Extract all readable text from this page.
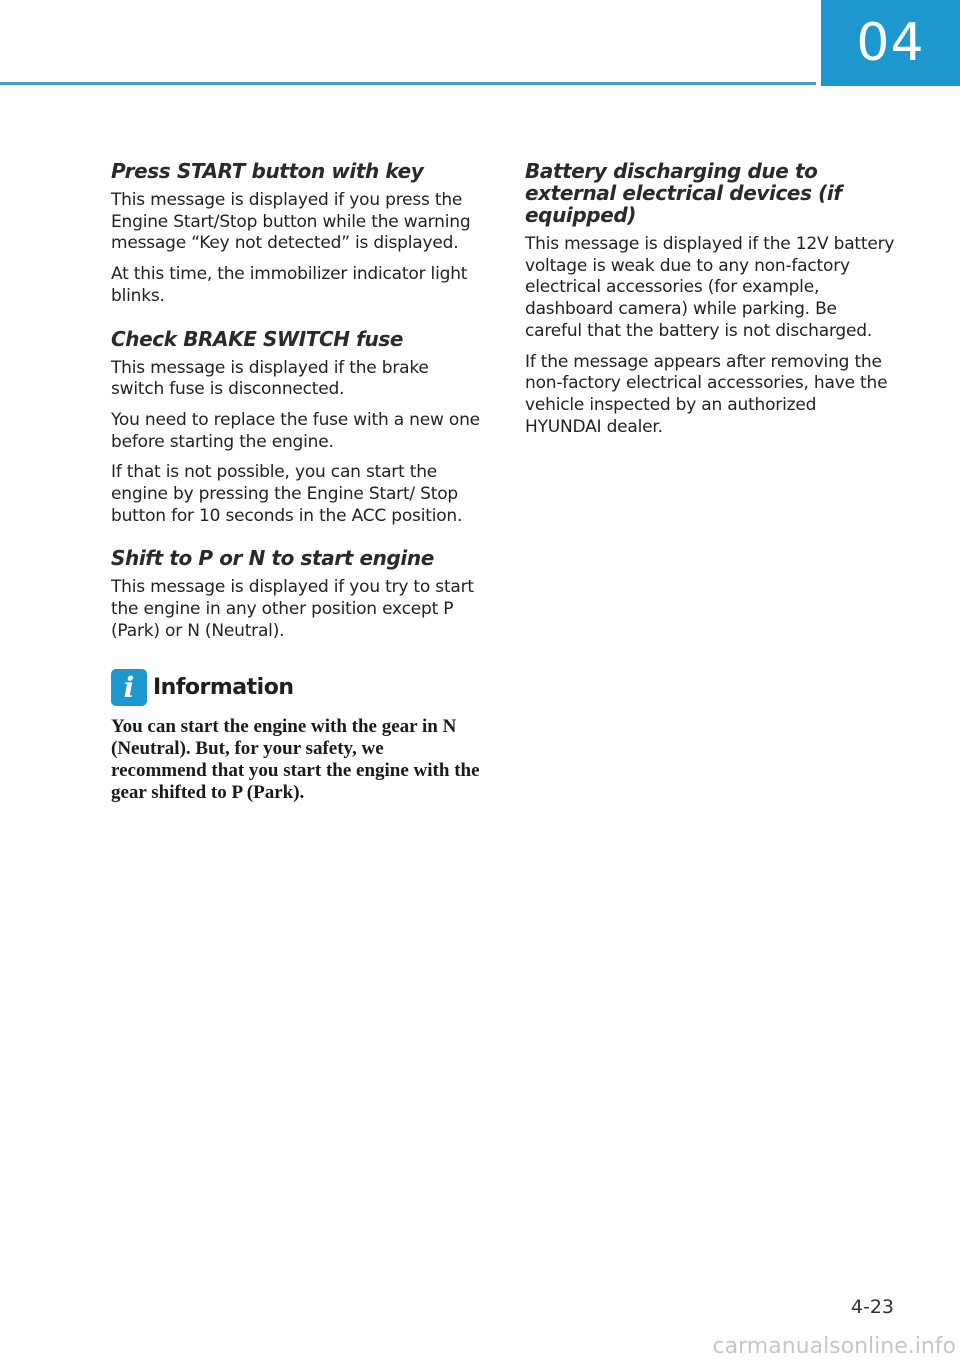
04
Press START button with key

This message is displayed if you press the Engine Start/Stop button while the warning message “Key not detected” is displayed.

At this time, the immobilizer indicator light blinks.

Check BRAKE SWITCH fuse

This message is displayed if the brake switch fuse is disconnected.

You need to replace the fuse with a new one before starting the engine.

If that is not possible, you can start the engine by pressing the Engine Start/ Stop button for 10 seconds in the ACC position.

Shift to P or N to start engine

This message is displayed if you try to start the engine in any other position except P (Park) or N (Neutral).

i Information

You can start the engine with the gear in N (Neutral). But, for your safety, we recommend that you start the engine with the gear shifted to P (Park).

Battery discharging due to external electrical devices (if equipped)

This message is displayed if the 12V battery voltage is weak due to any non-factory electrical accessories (for example, dashboard camera) while parking. Be careful that the battery is not discharged.

If the message appears after removing the non-factory electrical accessories, have the vehicle inspected by an authorized HYUNDAI dealer.

4-23
carmanualsonline.info
